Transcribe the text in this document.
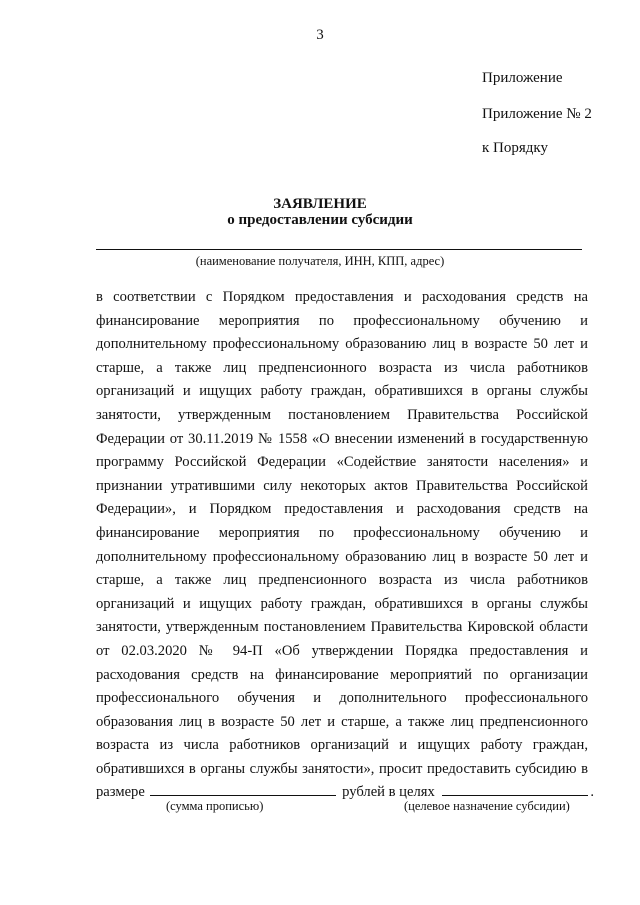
3
Приложение
Приложение № 2
к Порядку
ЗАЯВЛЕНИЕ
о предоставлении субсидии
(наименование получателя, ИНН, КПП, адрес)
в соответствии с Порядком предоставления и расходования средств на
финансирование мероприятия по профессиональному обучению и
дополнительному профессиональному образованию лиц в возрасте 50 лет и
старше, а также лиц предпенсионного возраста из числа работников
организаций и ищущих работу граждан, обратившихся в органы службы
занятости, утвержденным постановлением Правительства Российской
Федерации от 30.11.2019 № 1558 «О внесении изменений в государственную
программу Российской Федерации «Содействие занятости населения» и
признании утратившими силу некоторых актов Правительства Российской
Федерации», и Порядком предоставления и расходования средств на
финансирование мероприятия по профессиональному обучению и
дополнительному профессиональному образованию лиц в возрасте 50 лет и
старше, а также лиц предпенсионного возраста из числа работников
организаций и ищущих работу граждан, обратившихся в органы службы
занятости, утвержденным постановлением Правительства Кировской области
от 02.03.2020 № 94-П «Об утверждении Порядка предоставления и
расходования средств на финансирование мероприятий по организации
профессионального обучения и дополнительного профессионального
образования лиц в возрасте 50 лет и старше, а также лиц предпенсионного
возраста из числа работников организаций и ищущих работу граждан,
обратившихся в органы службы занятости», просит предоставить субсидию в
размере	рублей в целях	.
(сумма прописью)	(целевое назначение субсидии)
